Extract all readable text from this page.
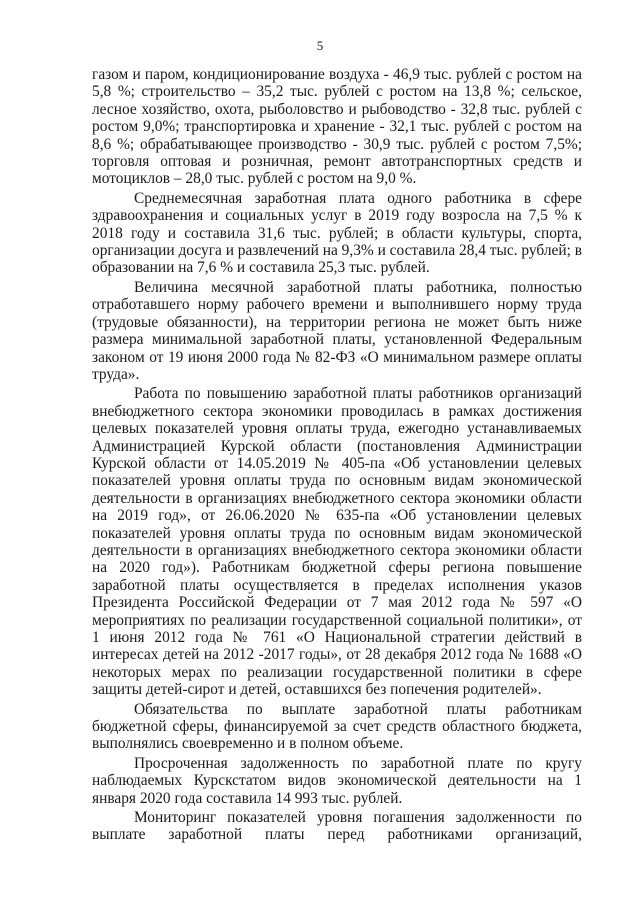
5

газом и паром, кондиционирование воздуха - 46,9 тыс. рублей с ростом на 5,8 %; строительство – 35,2 тыс. рублей с ростом на 13,8 %; сельское, лесное хозяйство, охота, рыболовство и рыбоводство - 32,8 тыс. рублей с ростом 9,0%; транспортировка и хранение - 32,1 тыс. рублей с ростом на 8,6 %; обрабатывающее производство - 30,9 тыс. рублей с ростом 7,5%; торговля оптовая и розничная, ремонт автотранспортных средств и мотоциклов – 28,0 тыс. рублей с ростом на 9,0 %.

Среднемесячная заработная плата одного работника в сфере здравоохранения и социальных услуг в 2019 году возросла на 7,5 % к 2018 году и составила 31,6 тыс. рублей; в области культуры, спорта, организации досуга и развлечений на 9,3% и составила 28,4 тыс. рублей; в образовании на 7,6 % и составила 25,3 тыс. рублей.

Величина месячной заработной платы работника, полностью отработавшего норму рабочего времени и выполнившего норму труда (трудовые обязанности), на территории региона не может быть ниже размера минимальной заработной платы, установленной Федеральным законом от 19 июня 2000 года № 82-ФЗ «О минимальном размере оплаты труда».

Работа по повышению заработной платы работников организаций внебюджетного сектора экономики проводилась в рамках достижения целевых показателей уровня оплаты труда, ежегодно устанавливаемых Администрацией Курской области (постановления Администрации Курской области от 14.05.2019 № 405-па «Об установлении целевых показателей уровня оплаты труда по основным видам экономической деятельности в организациях внебюджетного сектора экономики области на 2019 год», от 26.06.2020 № 635-па «Об установлении целевых показателей уровня оплаты труда по основным видам экономической деятельности в организациях внебюджетного сектора экономики области на 2020 год»). Работникам бюджетной сферы региона повышение заработной платы осуществляется в пределах исполнения указов Президента Российской Федерации от 7 мая 2012 года № 597 «О мероприятиях по реализации государственной социальной политики», от 1 июня 2012 года № 761 «О Национальной стратегии действий в интересах детей на 2012 -2017 годы», от 28 декабря 2012 года № 1688 «О некоторых мерах по реализации государственной политики в сфере защиты детей-сирот и детей, оставшихся без попечения родителей».

Обязательства по выплате заработной платы работникам бюджетной сферы, финансируемой за счет средств областного бюджета, выполнялись своевременно и в полном объеме.

Просроченная задолженность по заработной плате по кругу наблюдаемых Курскстатом видов экономической деятельности на 1 января 2020 года составила 14 993 тыс. рублей.

Мониторинг показателей уровня погашения задолженности по выплате заработной платы перед работниками организаций,
